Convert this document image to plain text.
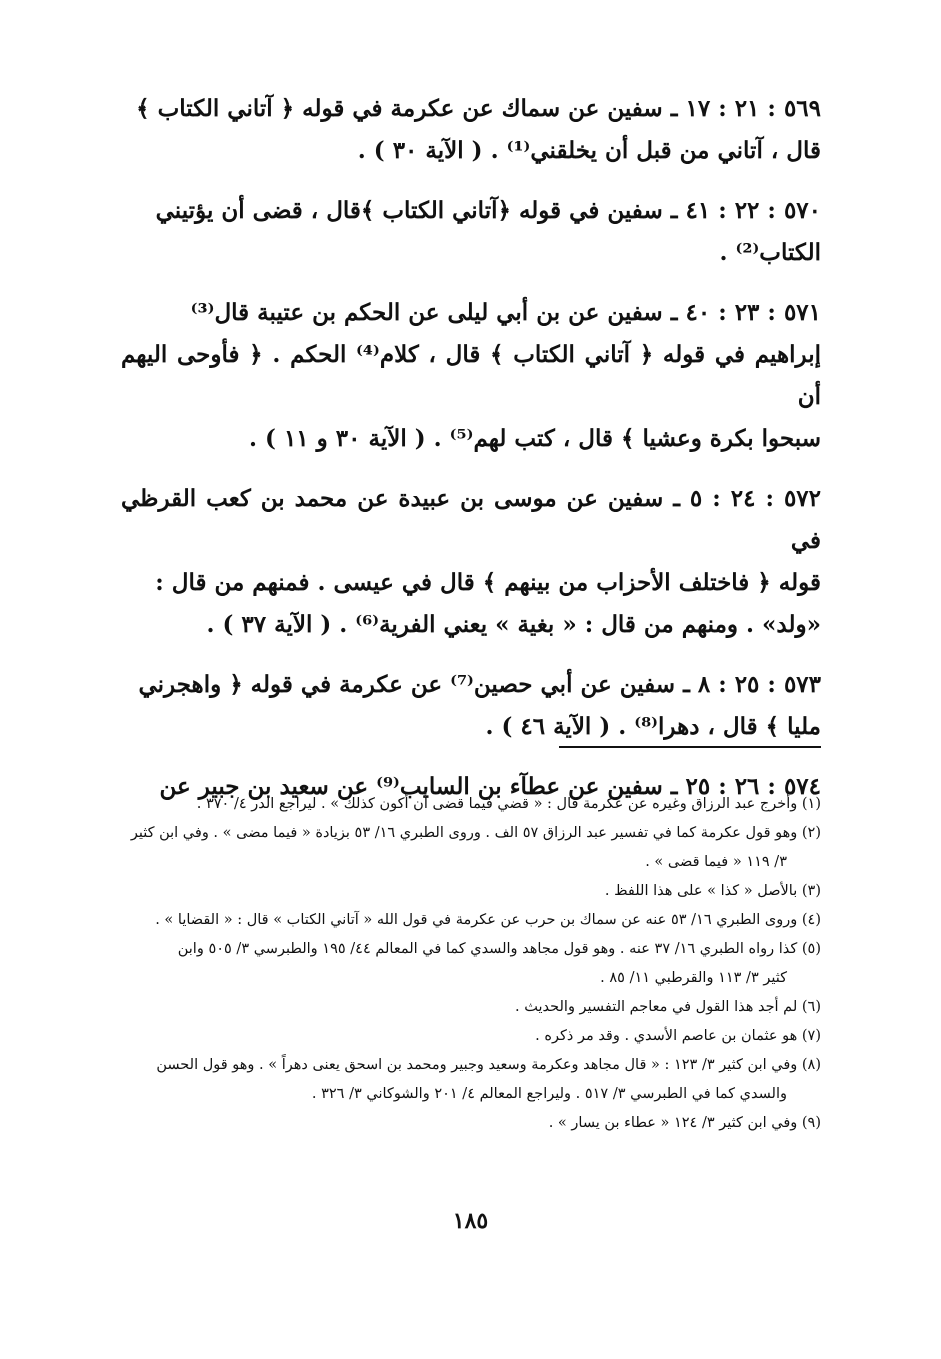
٥٦٩ : ٢١ : ١٧ ـ سفين عن سماك عن عكرمة في قوله ﴿ آتاني الكتاب ﴾
قال ، آتاني من قبل أن يخلقني⁽¹⁾ . ( الآية ٣٠ ) .

٥٧٠ : ٢٢ : ٤١ ـ سفين في قوله ﴿آتاني الكتاب ﴾قال ، قضى أن يؤتيني
الكتاب⁽²⁾ .

٥٧١ : ٢٣ : ٤٠ ـ سفين عن بن أبي ليلى عن الحكم بن عتيبة قال⁽³⁾
إبراهيم في قوله ﴿ آتاني الكتاب ﴾ قال ، كلام⁽⁴⁾ الحكم . ﴿ فأوحى اليهم أن
سبحوا بكرة وعشيا ﴾ قال ، كتب لهم⁽⁵⁾ . ( الآية ٣٠ و ١١ ) .

٥٧٢ : ٢٤ : ٥ ـ سفين عن موسى بن عبيدة عن محمد بن كعب القرظي في
قوله ﴿ فاختلف الأحزاب من بينهم ﴾ قال في عيسى . فمنهم من قال :
«ولد» . ومنهم من قال : « بغية » يعني الفرية⁽⁶⁾ . ( الآية ٣٧ ) .

٥٧٣ : ٢٥ : ٨ ـ سفين عن أبي حصين⁽⁷⁾ عن عكرمة في قوله ﴿ واهجرني
مليا ﴾ قال ، دهرا⁽⁸⁾ . ( الآية ٤٦ ) .

٥٧٤ : ٢٦ : ٢٥ ـ سفين عن عطآء بن السايب⁽⁹⁾ عن سعيد بن جبير عن

(١) وأخرج عبد الرزاق وغيره عن عكرمة قال : « قضي فيما قضى أن أكون كذلك » . ليراجع الدر ٤/ ٣٧٠ .

(٢) وهو قول عكرمة كما في تفسير عبد الرزاق ٥٧ الف . وروى الطبري ١٦/ ٥٣ بزيادة « فيما مضى » . وفي ابن كثير
٣/ ١١٩ « فيما قضى » .

(٣) بالأصل « كذا » على هذا اللفظ .

(٤) وروى الطبري ١٦/ ٥٣ عنه عن سماك بن حرب عن عكرمة في قول الله « آتاني الكتاب » قال : « القضايا » .

(٥) كذا رواه الطبري ١٦/ ٣٧ عنه . وهو قول مجاهد والسدي كما في المعالم ٤٤/ ١٩٥ والطبرسي ٣/ ٥٠٥ وابن
كثير ٣/ ١١٣ والقرطبي ١١/ ٨٥ .

(٦) لم أجد هذا القول في معاجم التفسير والحديث .

(٧) هو عثمان بن عاصم الأسدي . وقد مر ذكره .

(٨) وفي ابن كثير ٣/ ١٢٣ : « قال مجاهد وعكرمة وسعيد وجبير ومحمد بن اسحق يعنى دهراً » . وهو قول الحسن
والسدي كما في الطبرسي ٣/ ٥١٧ . وليراجع المعالم ٤/ ٢٠١ والشوكاني ٣/ ٣٢٦ .

(٩) وفي ابن كثير ٣/ ١٢٤ « عطاء بن يسار » .

١٨٥
